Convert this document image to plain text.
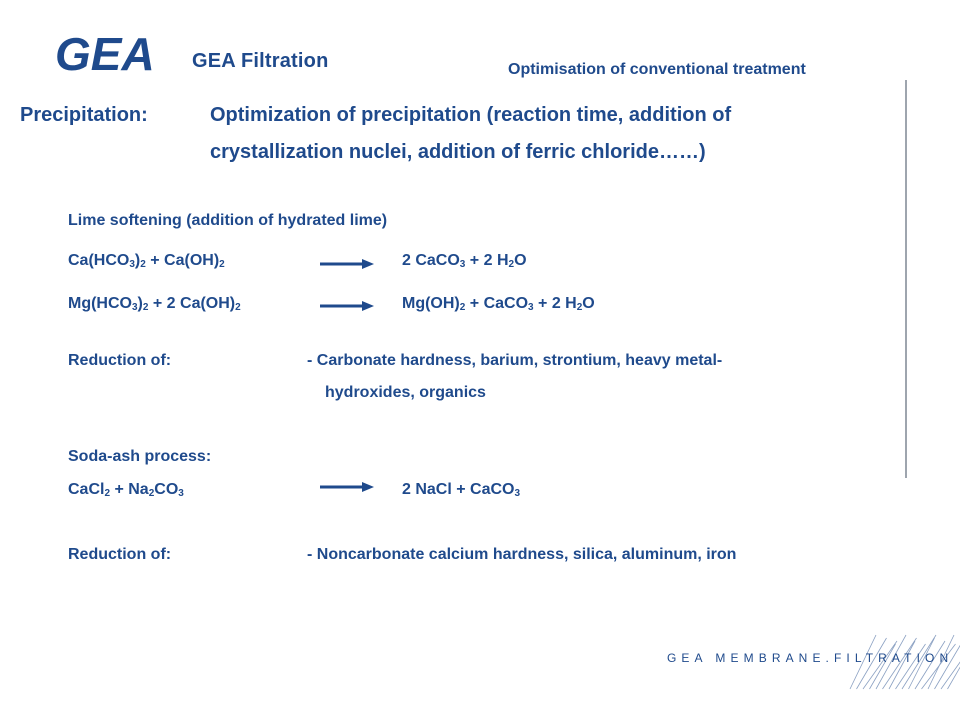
GEA GEA Filtration	Optimisation of conventional treatment
Precipitation:	Optimization of precipitation (reaction time, addition of
crystallization nuclei, addition of ferric chloride……)
Lime softening (addition of hydrated lime)
$Ca(HCO_3)_2 + Ca(OH)_2$	2 CaCO$_3$ + 2 $H_2O$
$Mg(HCO_3)_2 + 2$ $Ca(OH)_2$	$Mg(OH)_2$ + CaCO$_3$ + 2 $H_2O$
Reduction of:	- Carbonate hardness, barium, strontium, heavy metal-
hydroxides, organics
Soda-ash process:
CaCl$_2$ + $Na_2CO_3$	2 NaCl + CaCO$_3$
Reduction of:	- Noncarbonate calcium hardness, silica, aluminum, iron
GEA MEMBRANE.FILTRATION
